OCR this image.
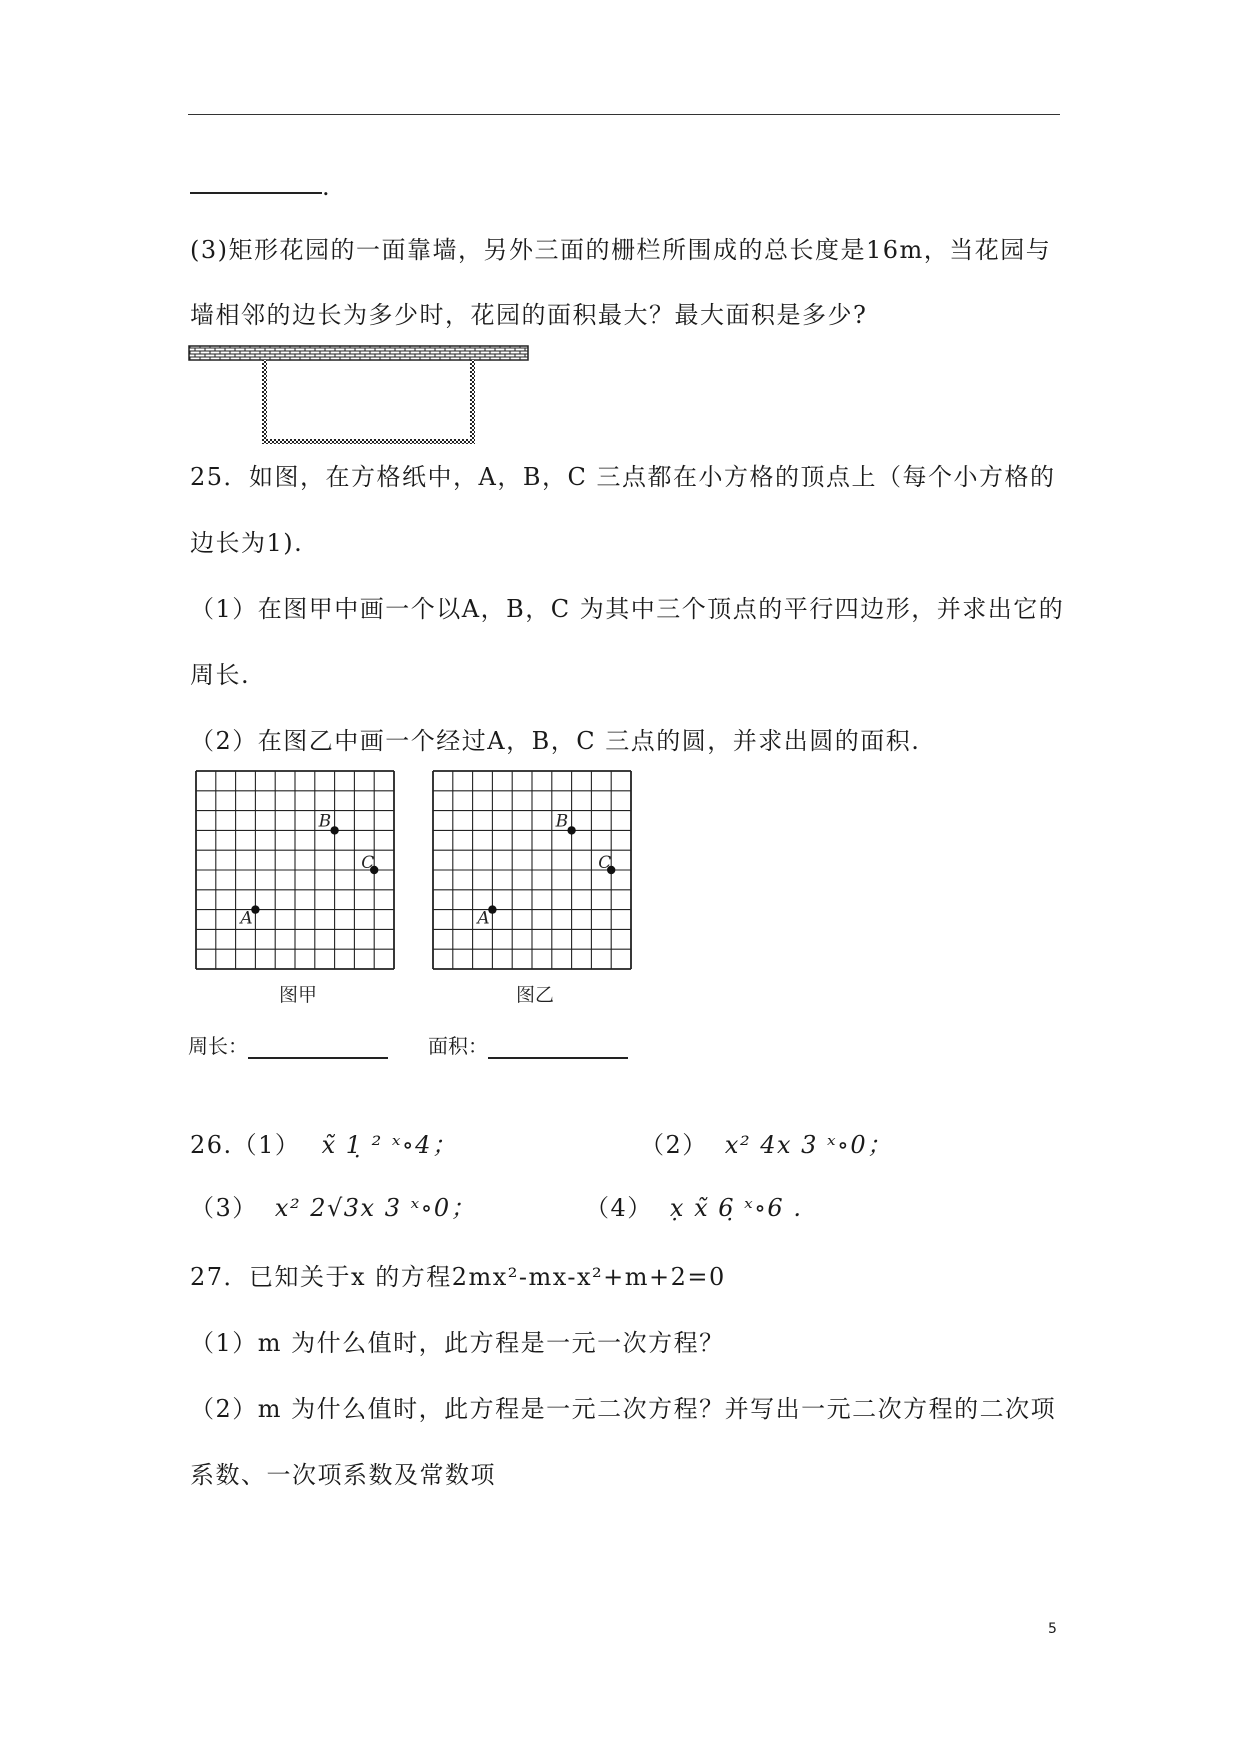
.
(3)矩形花园的一面靠墙，另外三面的栅栏所围成的总长度是16m，当花园与
墙相邻的边长为多少时，花园的面积最大？最大面积是多少?
25．如图，在方格纸中，A，B，C 三点都在小方格的顶点上（每个小方格的
边长为1).
（1）在图甲中画一个以A，B，C 为其中三个顶点的平行四边形，并求出它的
周长.
（2）在图乙中画一个经过A，B，C 三点的圆，并求出圆的面积.
A
B
C
A
B
C
图甲	图乙
周长：	面积：
26.（1） x̃ 1̣ ² ˣ∘4；	（2） x² 4x 3 ˣ∘0；
（3） x² 2√3x 3 ˣ∘0；	（4） x̣ x̃ 6̣ ˣ∘6 .
27．已知关于x 的方程2mx²-mx-x²+m+2=0
（1）m 为什么值时，此方程是一元一次方程？
（2）m 为什么值时，此方程是一元二次方程？并写出一元二次方程的二次项
系数、一次项系数及常数项
5
